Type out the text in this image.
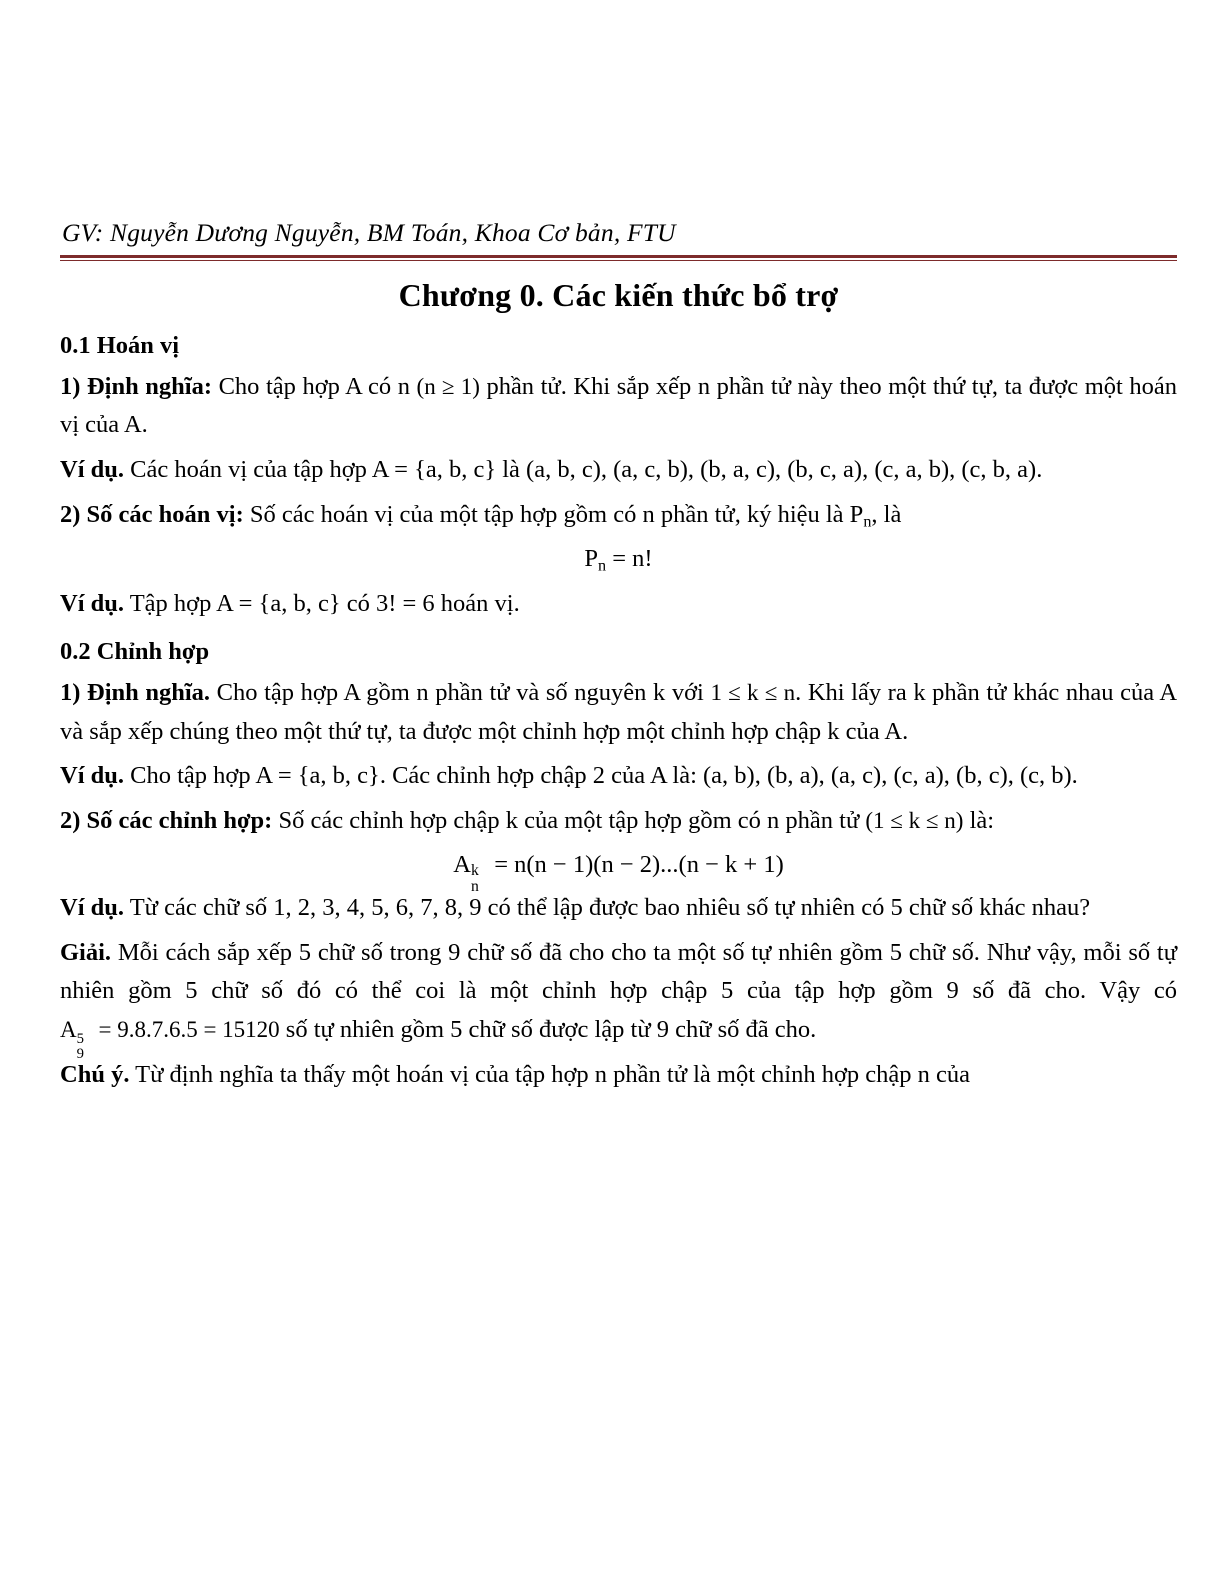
GV: Nguyễn Dương Nguyễn, BM Toán, Khoa Cơ bản, FTU
Chương 0. Các kiến thức bổ trợ
0.1 Hoán vị

1) Định nghĩa: Cho tập hợp A có n (n ≥ 1) phần tử. Khi sắp xếp n phần tử này theo một thứ tự, ta được một hoán vị của A.

Ví dụ. Các hoán vị của tập hợp A = {a, b, c} là (a, b, c), (a, c, b), (b, a, c), (b, c, a), (c, a, b), (c, b, a).

2) Số các hoán vị: Số các hoán vị của một tập hợp gồm có n phần tử, ký hiệu là $P_n$, là

$P_n = n$!

Ví dụ. Tập hợp A = {a, b, c} có 3! = 6 hoán vị.

0.2 Chỉnh hợp

1) Định nghĩa. Cho tập hợp A gồm n phần tử và số nguyên k với 1 ≤ k ≤ n. Khi lấy ra k phần tử khác nhau của A và sắp xếp chúng theo một thứ tự, ta được một chỉnh hợp một chỉnh hợp chập k của A.

Ví dụ. Cho tập hợp A = {a, b, c}. Các chỉnh hợp chập 2 của A là: (a, b), (b, a), (a, c), (c, a), (b, c), (c, b).

2) Số các chỉnh hợp: Số các chỉnh hợp chập k của một tập hợp gồm có n phần tử (1 ≤ k ≤ n) là:

A k
n
= n(n − 1)(n − 2)...(n − k + 1)

Ví dụ. Từ các chữ số 1, 2, 3, 4, 5, 6, 7, 8, 9 có thể lập được bao nhiêu số tự nhiên có 5 chữ số khác nhau?

Giải. Mỗi cách sắp xếp 5 chữ số trong 9 chữ số đã cho cho ta một số tự nhiên gồm 5 chữ số. Như vậy, mỗi số tự nhiên gồm 5 chữ số đó có thể coi là một chỉnh hợp chập 5 của tập hợp gồm 9 số đã cho. Vậy có A 5
9
= 9.8.7.6.5 = 15120 số tự nhiên gồm 5 chữ số được lập từ 9 chữ số đã cho.

Chú ý. Từ định nghĩa ta thấy một hoán vị của tập hợp n phần tử là một chỉnh hợp chập n của
